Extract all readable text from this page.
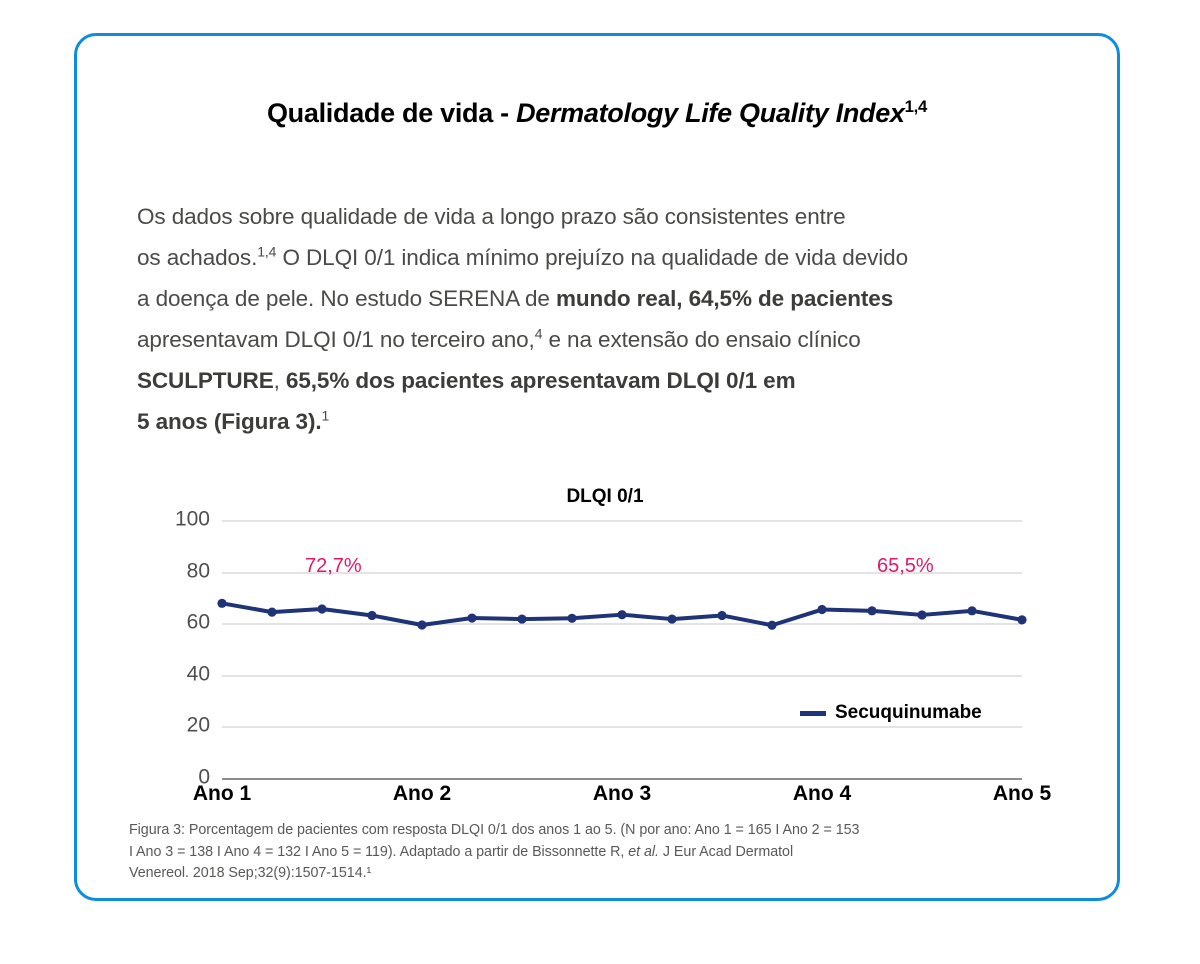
Qualidade de vida - Dermatology Life Quality Index$^{1,4}$
Os dados sobre qualidade de vida a longo prazo são consistentes entre
os achados.$^{1,4}$ O DLQI 0/1 indica mínimo prejuízo na qualidade de vida devido
a doença de pele. No estudo SERENA de mundo real, 64,5% de pacientes
apresentavam DLQI 0/1 no terceiro ano,$^4$ e na extensão do ensaio clínico
SCULPTURE, 65,5% dos pacientes apresentavam DLQI 0/1 em
5 anos (Figura 3).$^1$
DLQI 0/1
0
20
40
60
80
100
Ano 1	Ano 2	Ano 3	Ano 4	Ano 5
72,7%	65,5%
Secuquinumabe
Figura 3: Porcentagem de pacientes com resposta DLQI 0/1 dos anos 1 ao 5. (N por ano: Ano 1 = 165 I Ano 2 = 153
I Ano 3 = 138 I Ano 4 = 132 I Ano 5 = 119). Adaptado a partir de Bissonnette R, et al. J Eur Acad Dermatol
Venereol. 2018 Sep;32(9):1507-1514.¹
